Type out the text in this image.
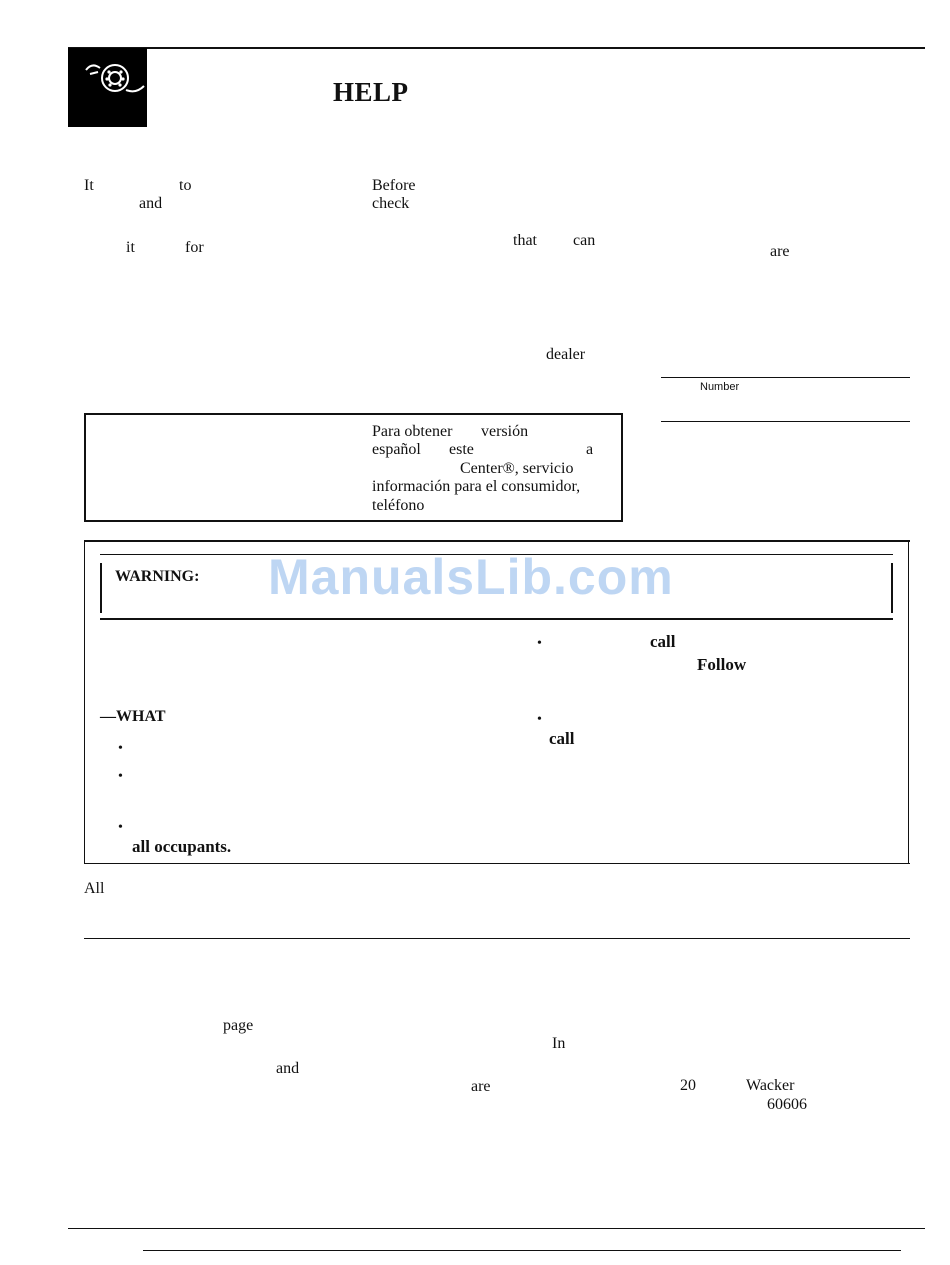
HELP
It	to	Before
and	check
it	for	that can
are
dealer
Number
Para obtener versión
español este	a
Center®, servicio
información para el consumidor,
teléfono
WARNING: ManualsLib.com
•	call
Follow
—WHAT	•
call
•
•
•
all occupants.
All
page
In
and
are	20	Wacker
60606
